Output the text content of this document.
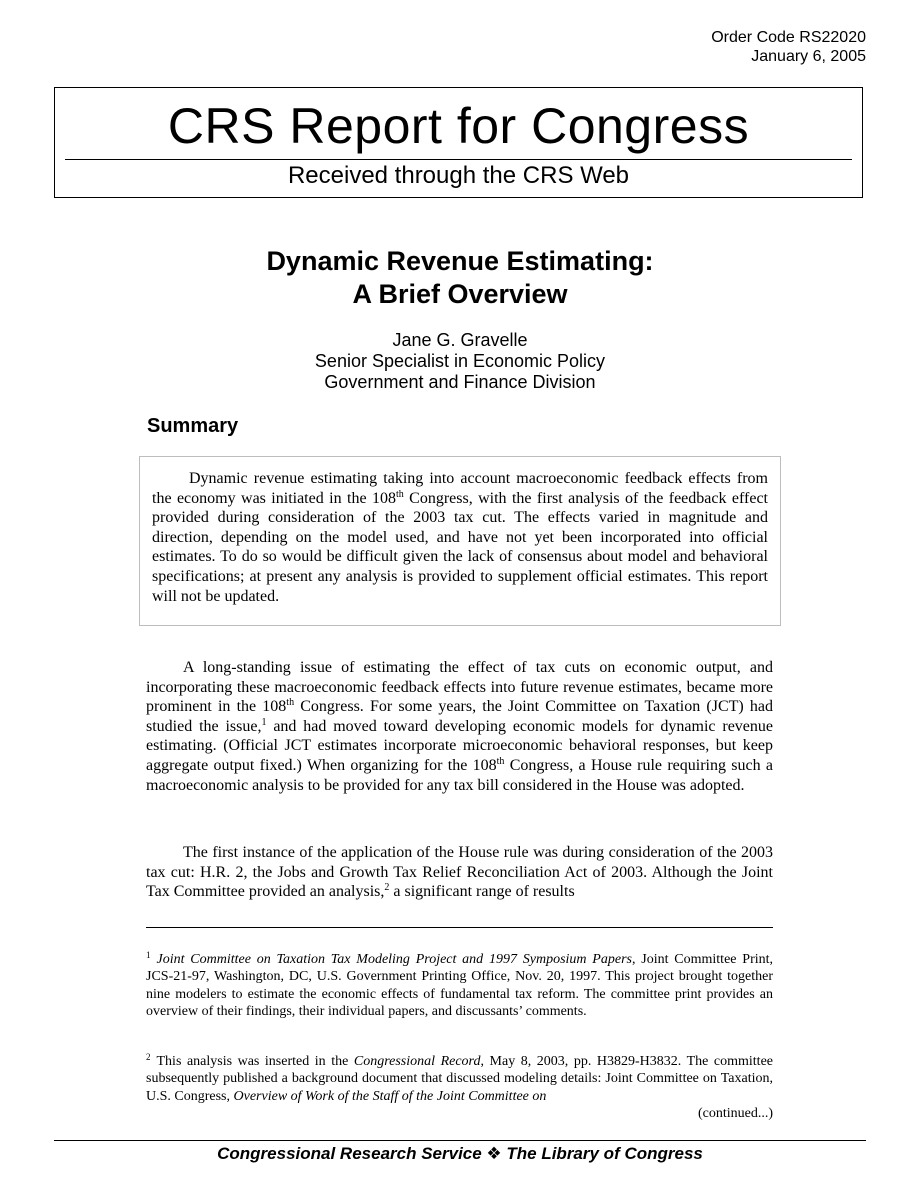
Order Code RS22020
January 6, 2005
CRS Report for Congress
Received through the CRS Web
Dynamic Revenue Estimating:
A Brief Overview
Jane G. Gravelle
Senior Specialist in Economic Policy
Government and Finance Division
Summary

Dynamic revenue estimating taking into account macroeconomic feedback effects from the economy was initiated in the 108th Congress, with the first analysis of the feedback effect provided during consideration of the 2003 tax cut. The effects varied in magnitude and direction, depending on the model used, and have not yet been incorporated into official estimates. To do so would be difficult given the lack of consensus about model and behavioral specifications; at present any analysis is provided to supplement official estimates. This report will not be updated.

A long-standing issue of estimating the effect of tax cuts on economic output, and incorporating these macroeconomic feedback effects into future revenue estimates, became more prominent in the 108th Congress. For some years, the Joint Committee on Taxation (JCT) had studied the issue,$^1$ and had moved toward developing economic models for dynamic revenue estimating. (Official JCT estimates incorporate microeconomic behavioral responses, but keep aggregate output fixed.) When organizing for the 108th Congress, a House rule requiring such a macroeconomic analysis to be provided for any tax bill considered in the House was adopted.

The first instance of the application of the House rule was during consideration of the 2003 tax cut: H.R. 2, the Jobs and Growth Tax Relief Reconciliation Act of 2003. Although the Joint Tax Committee provided an analysis,$^2$ a significant range of results

$^1$ Joint Committee on Taxation Tax Modeling Project and 1997 Symposium Papers, Joint Committee Print, JCS-21-97, Washington, DC, U.S. Government Printing Office, Nov. 20, 1997. This project brought together nine modelers to estimate the economic effects of fundamental tax reform. The committee print provides an overview of their findings, their individual papers, and discussants’ comments.

$^2$ This analysis was inserted in the Congressional Record, May 8, 2003, pp. H3829-H3832. The committee subsequently published a background document that discussed modeling details: Joint Committee on Taxation, U.S. Congress, Overview of Work of the Staff of the Joint Committee on
(continued...)

Congressional Research Service ❖ The Library of Congress
